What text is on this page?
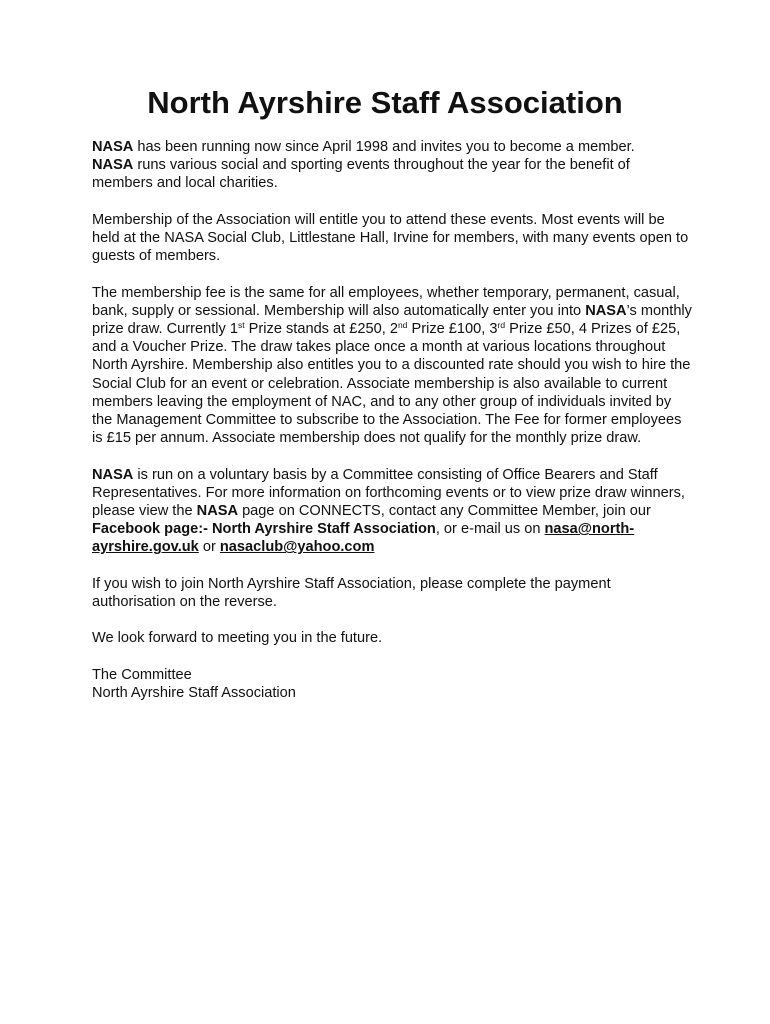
North Ayrshire Staff Association

NASA has been running now since April 1998 and invites you to become a member.
NASA runs various social and sporting events throughout the year for the benefit of members and local charities.

Membership of the Association will entitle you to attend these events. Most events will be held at the NASA Social Club, Littlestane Hall, Irvine for members, with many events open to guests of members.

The membership fee is the same for all employees, whether temporary, permanent, casual, bank, supply or sessional. Membership will also automatically enter you into NASA’s monthly prize draw. Currently 1st Prize stands at £250, 2nd Prize £100, 3rd Prize £50, 4 Prizes of £25, and a Voucher Prize. The draw takes place once a month at various locations throughout North Ayrshire. Membership also entitles you to a discounted rate should you wish to hire the Social Club for an event or celebration. Associate membership is also available to current members leaving the employment of NAC, and to any other group of individuals invited by the Management Committee to subscribe to the Association. The Fee for former employees is £15 per annum. Associate membership does not qualify for the monthly prize draw.

NASA is run on a voluntary basis by a Committee consisting of Office Bearers and Staff Representatives. For more information on forthcoming events or to view prize draw winners, please view the NASA page on CONNECTS, contact any Committee Member, join our Facebook page:- North Ayrshire Staff Association, or e-mail us on nasa@north-ayrshire.gov.uk or nasaclub@yahoo.com

If you wish to join North Ayrshire Staff Association, please complete the payment authorisation on the reverse.

We look forward to meeting you in the future.

The Committee
North Ayrshire Staff Association
